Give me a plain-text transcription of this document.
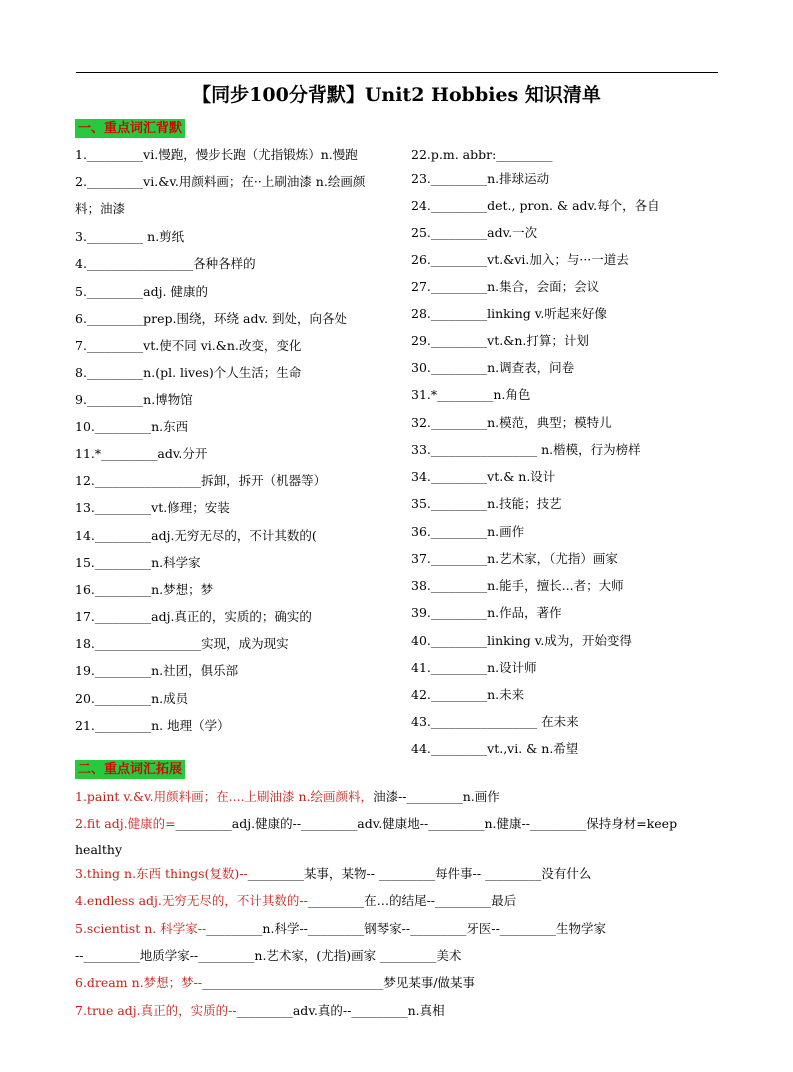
【同步100分背默】Unit2 Hobbies 知识清单
一、重点词汇背默
1._________vi.慢跑，慢步长跑（尤指锻炼）n.慢跑
2._________vi.&v.用颜料画；在··上刷油漆 n.绘画颜料；油漆
3._________ n.剪纸
4._________________各种各样的
5._________adj. 健康的
6._________prep.围绕，环绕 adv. 到处，向各处
7._________vt.使不同 vi.&n.改变，变化
8._________n.(pl. lives)个人生活；生命
9._________n.博物馆
10._________n.东西
11.*_________adv.分开
12._________________拆卸，拆开（机器等）
13._________vt.修理；安装
14._________adj.无穷无尽的，不计其数的(
15._________n.科学家
16._________n.梦想；梦
17._________adj.真正的，实质的；确实的
18._________________实现，成为现实
19._________n.社团，俱乐部
20._________n.成员
21._________n. 地理（学）
22.p.m. abbr:_________
23._________n.排球运动
24._________det., pron. & adv.每个，各自
25._________adv.一次
26._________vt.&vi.加入；与···一道去
27._________n.集合，会面；会议
28._________linking v.听起来好像
29._________vt.&n.打算；计划
30._________n.调查表，问卷
31.*_________n.角色
32._________n.模范，典型；模特儿
33._________________ n.楷模，行为榜样
34._________vt.& n.设计
35._________n.技能；技艺
36._________n.画作
37._________n.艺术家，（尤指）画家
38._________n.能手，擅长...者；大师
39._________n.作品，著作
40._________linking v.成为，开始变得
41._________n.设计师
42._________n.未来
43._________________ 在未来
44._________vt.,vi. & n.希望
二、重点词汇拓展
1.paint v.&v.用颜料画；在....上刷油漆 n.绘画颜料，油漆--_________n.画作
2.fit adj.健康的=_________adj.健康的--_________adv.健康地--_________n.健康--_________保持身材=keep
healthy
3.thing n.东西 things(复数)--_________某事，某物-- _________每件事-- _________没有什么
4.endless adj.无穷无尽的，不计其数的--_________在…的结尾--_________最后
5.scientist n. 科学家--_________n.科学--_________钢琴家--_________牙医--_________生物学家
--_________地质学家--_________n.艺术家，(尤指)画家 _________美术
6.dream n.梦想；梦--_____________________________梦见某事/做某事
7.true adj.真正的，实质的--_________adv.真的--_________n.真相
